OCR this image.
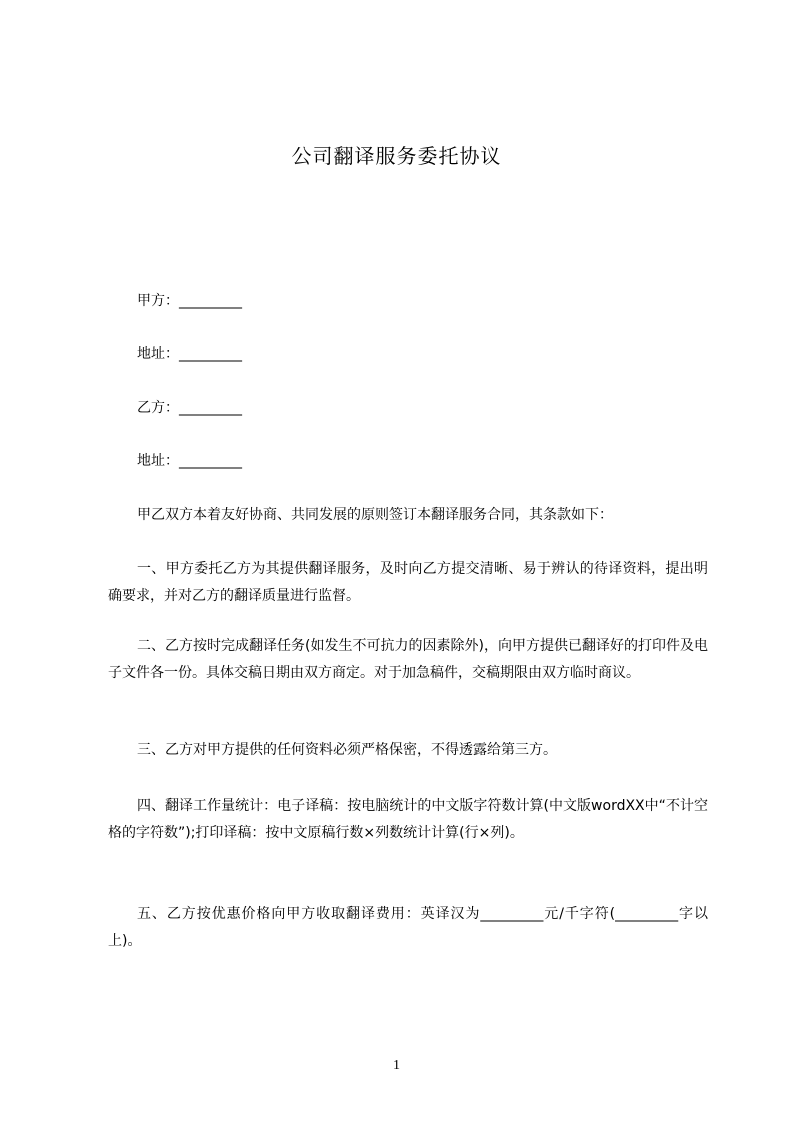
公司翻译服务委托协议
甲方：_________
地址：_________
乙方：_________
地址：_________
甲乙双方本着友好协商、共同发展的原则签订本翻译服务合同，其条款如下：
一、甲方委托乙方为其提供翻译服务，及时向乙方提交清晰、易于辨认的待译资料，提出明确要求，并对乙方的翻译质量进行监督。
二、乙方按时完成翻译任务(如发生不可抗力的因素除外)，向甲方提供已翻译好的打印件及电子文件各一份。具体交稿日期由双方商定。对于加急稿件，交稿期限由双方临时商议。
三、乙方对甲方提供的任何资料必须严格保密，不得透露给第三方。
四、翻译工作量统计：电子译稿：按电脑统计的中文版字符数计算(中文版wordXX中“不计空格的字符数”);打印译稿：按中文原稿行数×列数统计计算(行×列)。
五、乙方按优惠价格向甲方收取翻译费用：英译汉为_________元/千字符(_________字以上)。
1
